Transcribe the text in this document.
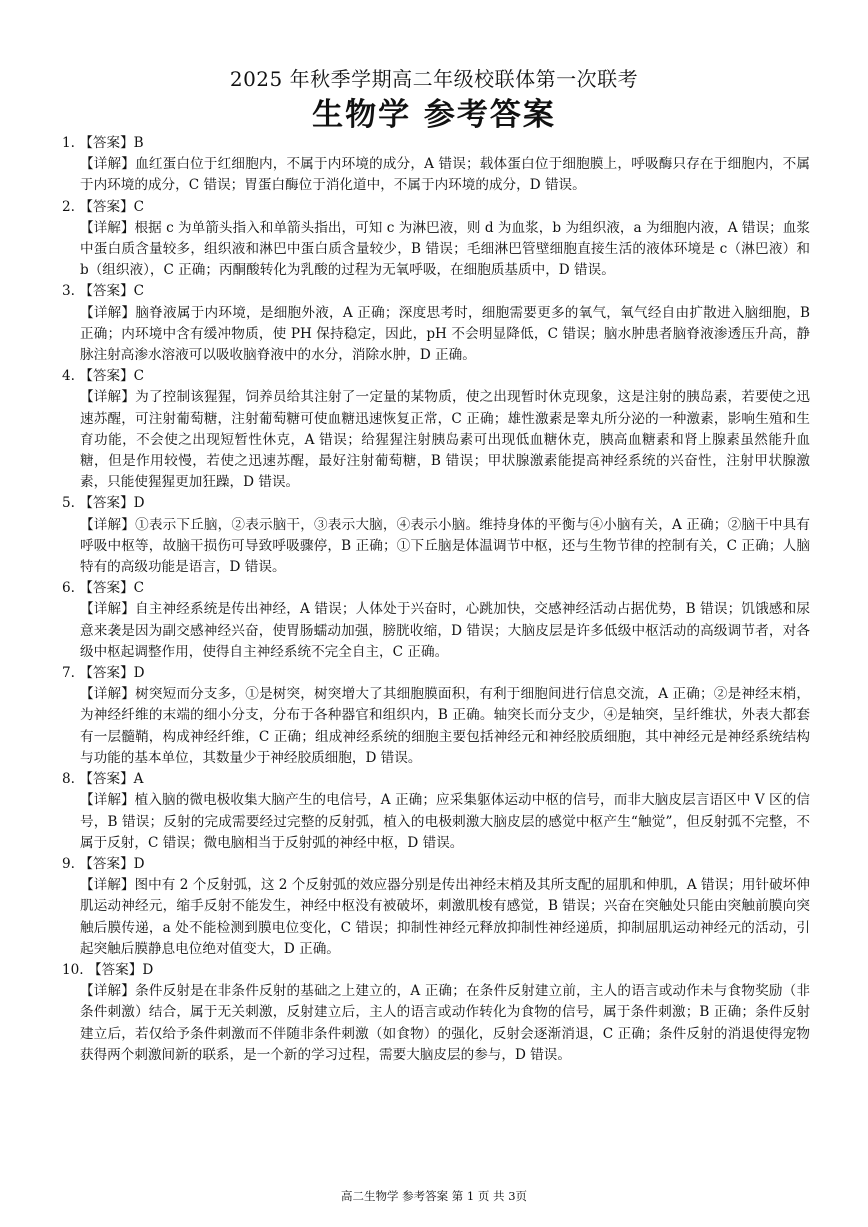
2025 年秋季学期高二年级校联体第一次联考
生物学 参考答案

1. 【答案】B

【详解】血红蛋白位于红细胞内，不属于内环境的成分，A 错误；载体蛋白位于细胞膜上，呼吸酶只存在于细胞内，不属于内环境的成分，C 错误；胃蛋白酶位于消化道中，不属于内环境的成分，D 错误。

2. 【答案】C

【详解】根据 c 为单箭头指入和单箭头指出，可知 c 为淋巴液，则 d 为血浆，b 为组织液，a 为细胞内液，A 错误；血浆中蛋白质含量较多，组织液和淋巴中蛋白质含量较少，B 错误；毛细淋巴管壁细胞直接生活的液体环境是 c（淋巴液）和 b（组织液），C 正确；丙酮酸转化为乳酸的过程为无氧呼吸，在细胞质基质中，D 错误。

3. 【答案】C

【详解】脑脊液属于内环境，是细胞外液，A 正确；深度思考时，细胞需要更多的氧气，氧气经自由扩散进入脑细胞，B 正确；内环境中含有缓冲物质，使 PH 保持稳定，因此，pH 不会明显降低，C 错误；脑水肿患者脑脊液渗透压升高，静脉注射高渗水溶液可以吸收脑脊液中的水分，消除水肿，D 正确。

4. 【答案】C

【详解】为了控制该猩猩，饲养员给其注射了一定量的某物质，使之出现暂时休克现象，这是注射的胰岛素，若要使之迅速苏醒，可注射葡萄糖，注射葡萄糖可使血糖迅速恢复正常，C 正确；雄性激素是睾丸所分泌的一种激素，影响生殖和生育功能，不会使之出现短暂性休克，A 错误；给猩猩注射胰岛素可出现低血糖休克，胰高血糖素和肾上腺素虽然能升血糖，但是作用较慢，若使之迅速苏醒，最好注射葡萄糖，B 错误；甲状腺激素能提高神经系统的兴奋性，注射甲状腺激素，只能使猩猩更加狂躁，D 错误。

5. 【答案】D

【详解】①表示下丘脑，②表示脑干，③表示大脑，④表示小脑。维持身体的平衡与④小脑有关，A 正确；②脑干中具有呼吸中枢等，故脑干损伤可导致呼吸骤停，B 正确；①下丘脑是体温调节中枢，还与生物节律的控制有关，C 正确；人脑特有的高级功能是语言，D 错误。

6. 【答案】C

【详解】自主神经系统是传出神经，A 错误；人体处于兴奋时，心跳加快，交感神经活动占据优势，B 错误；饥饿感和尿意来袭是因为副交感神经兴奋，使胃肠蠕动加强，膀胱收缩，D 错误；大脑皮层是许多低级中枢活动的高级调节者，对各级中枢起调整作用，使得自主神经系统不完全自主，C 正确。

7. 【答案】D

【详解】树突短而分支多，①是树突，树突增大了其细胞膜面积，有利于细胞间进行信息交流，A 正确；②是神经末梢，为神经纤维的末端的细小分支，分布于各种器官和组织内，B 正确。轴突长而分支少，④是轴突，呈纤维状，外表大都套有一层髓鞘，构成神经纤维，C 正确；组成神经系统的细胞主要包括神经元和神经胶质细胞，其中神经元是神经系统结构与功能的基本单位，其数量少于神经胶质细胞，D 错误。

8. 【答案】A

【详解】植入脑的微电极收集大脑产生的电信号，A 正确；应采集躯体运动中枢的信号，而非大脑皮层言语区中 V 区的信号，B 错误；反射的完成需要经过完整的反射弧，植入的电极刺激大脑皮层的感觉中枢产生“触觉”，但反射弧不完整，不属于反射，C 错误；微电脑相当于反射弧的神经中枢，D 错误。

9. 【答案】D

【详解】图中有 2 个反射弧，这 2 个反射弧的效应器分别是传出神经末梢及其所支配的屈肌和伸肌，A 错误；用针破坏伸肌运动神经元，缩手反射不能发生，神经中枢没有被破坏，刺激肌梭有感觉，B 错误；兴奋在突触处只能由突触前膜向突触后膜传递，a 处不能检测到膜电位变化，C 错误；抑制性神经元释放抑制性神经递质，抑制屈肌运动神经元的活动，引起突触后膜静息电位绝对值变大，D 正确。

10. 【答案】D

【详解】条件反射是在非条件反射的基础之上建立的，A 正确；在条件反射建立前，主人的语言或动作未与食物奖励（非条件刺激）结合，属于无关刺激，反射建立后，主人的语言或动作转化为食物的信号，属于条件刺激；B 正确；条件反射建立后，若仅给予条件刺激而不伴随非条件刺激（如食物）的强化，反射会逐渐消退，C 正确；条件反射的消退使得宠物获得两个刺激间新的联系，是一个新的学习过程，需要大脑皮层的参与，D 错误。

高二生物学 参考答案 第 1 页 共 3页
